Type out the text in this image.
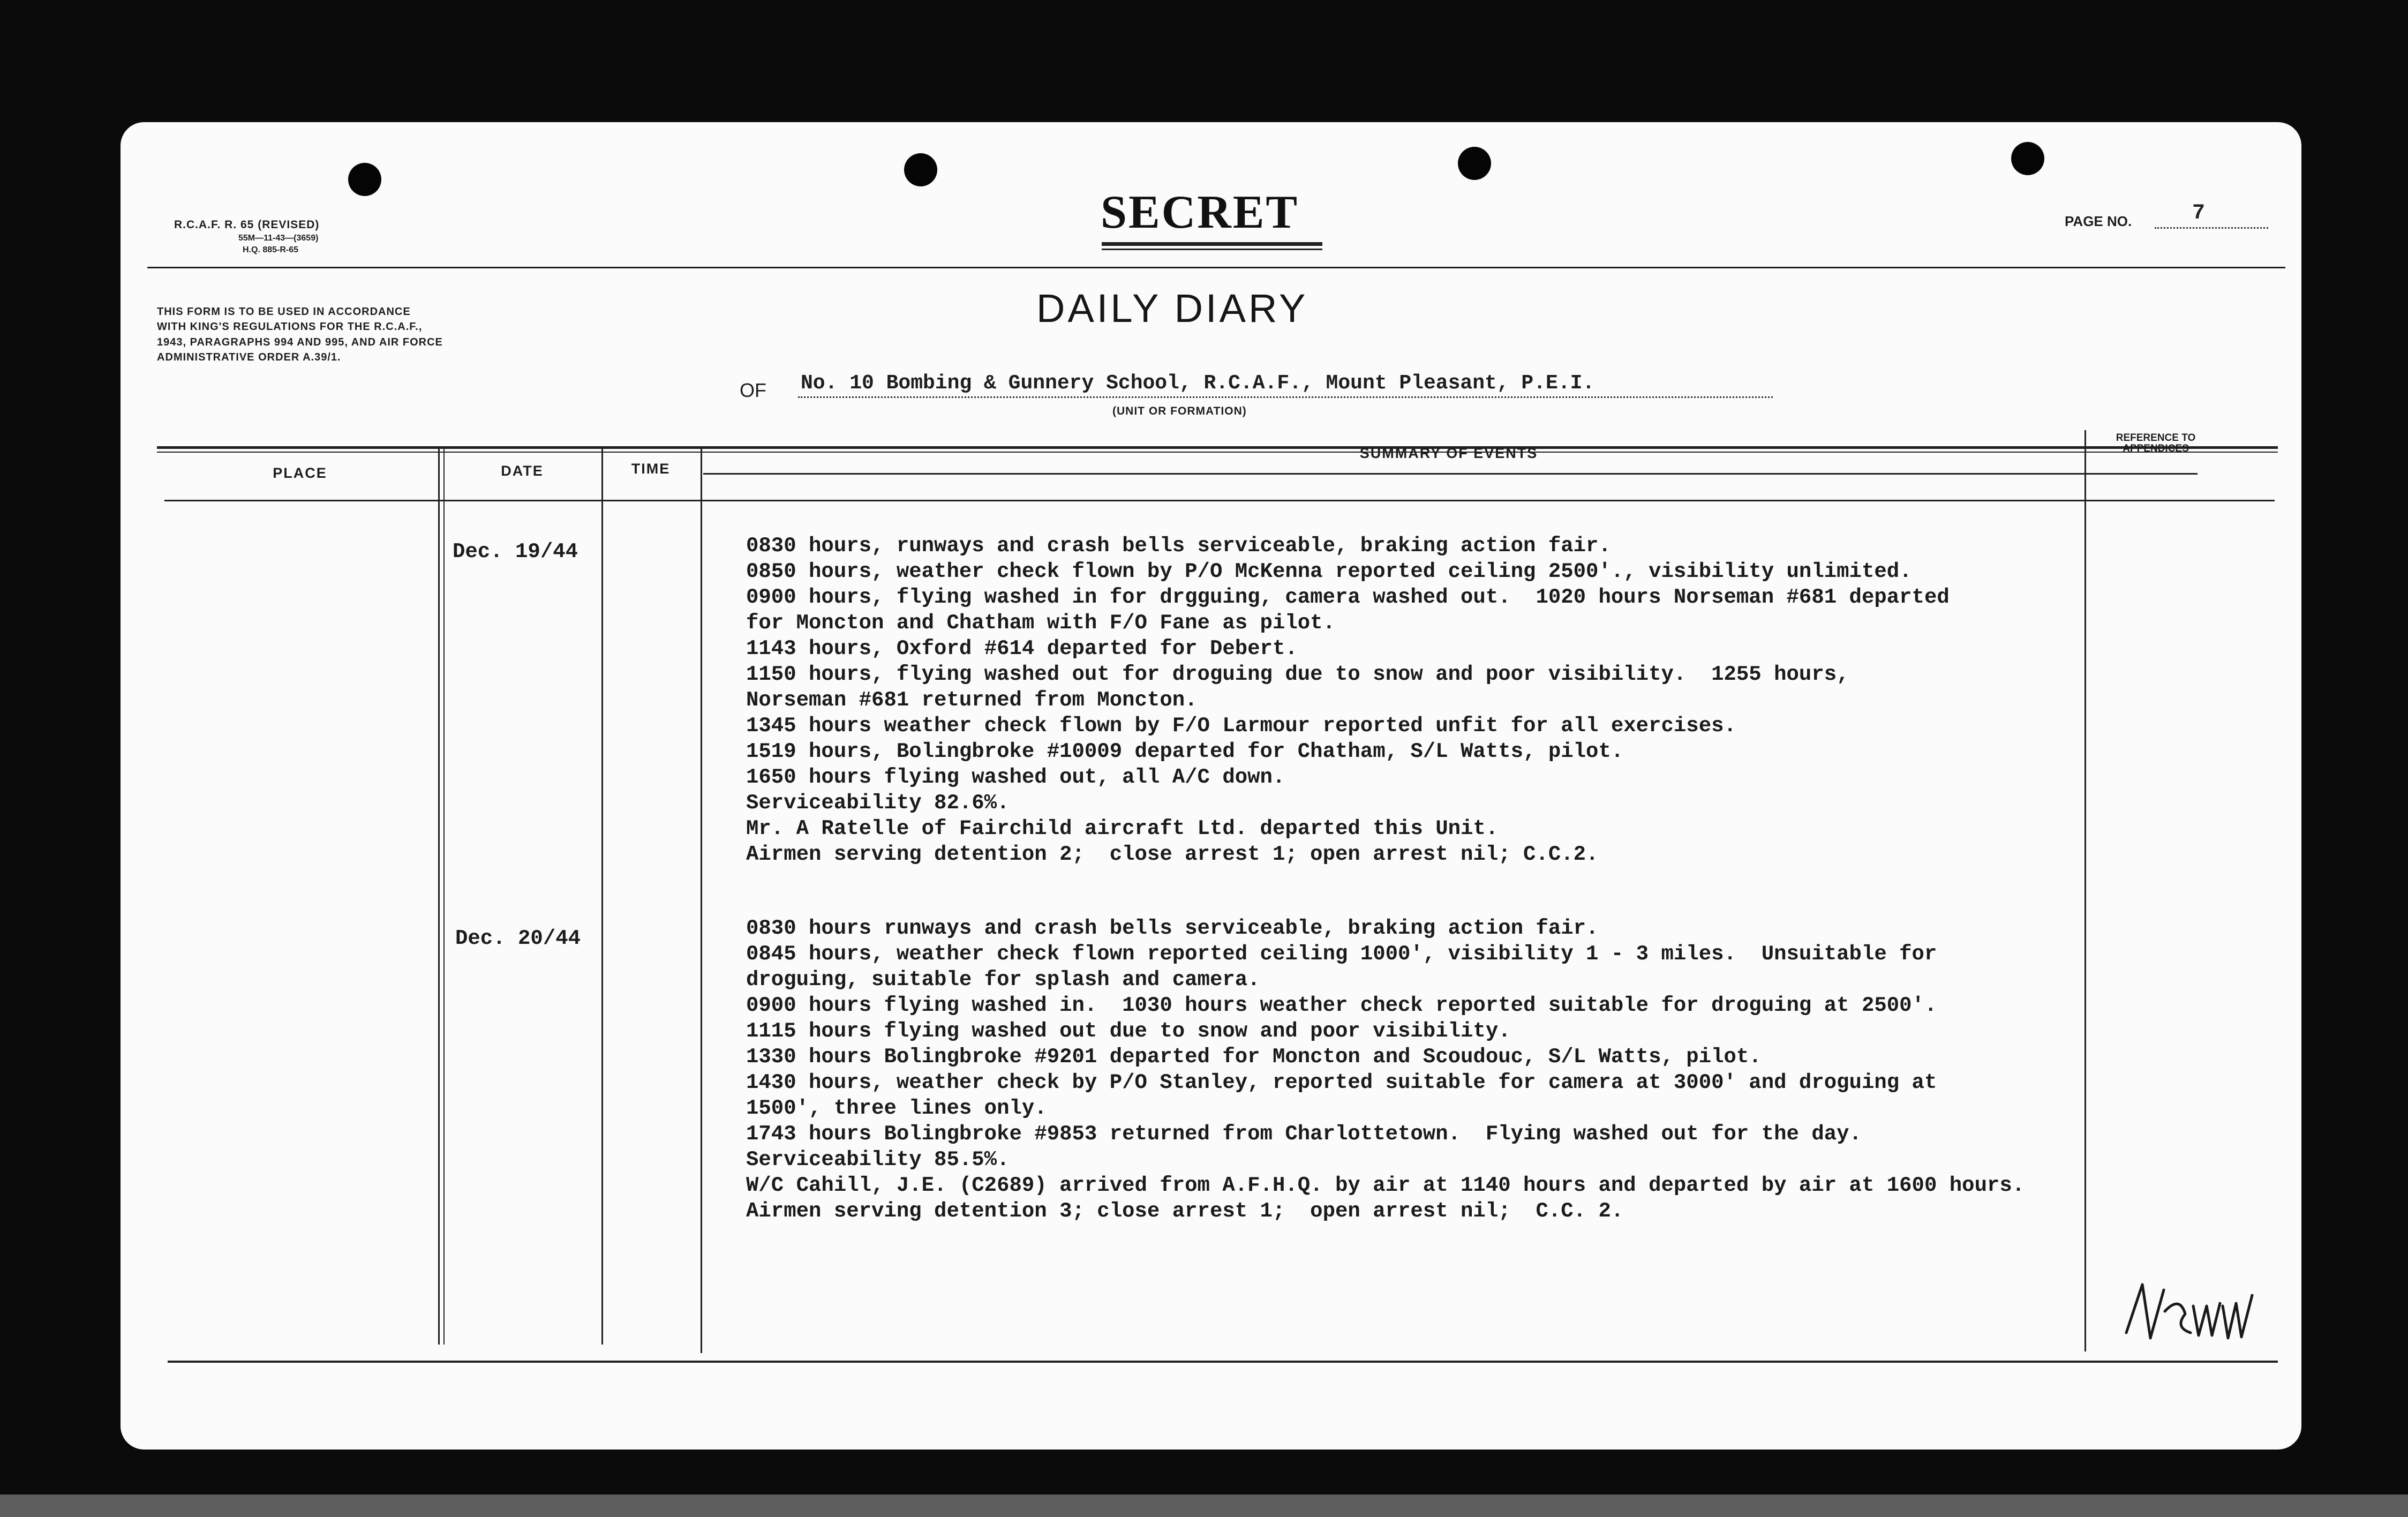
R.C.A.F. R. 65 (REVISED)
55M—11-43—(3659)
H.Q. 885-R-65
SECRET	PAGE NO.	7
THIS FORM IS TO BE USED IN ACCORDANCE
WITH KING'S REGULATIONS FOR THE R.C.A.F.,
1943, PARAGRAPHS 994 AND 995, AND AIR FORCE
ADMINISTRATIVE ORDER A.39/1.
DAILY DIARY
OF No. 10 Bombing & Gunnery School, R.C.A.F., Mount Pleasant, P.E.I.
(UNIT OR FORMATION)
PLACE	DATE	TIME
SUMMARY OF EVENTS
REFERENCE TO APPENDICES
Dec. 19/44	0830 hours, runways and crash bells serviceable, braking action fair.
0850 hours, weather check flown by P/O McKenna reported ceiling 2500'., visibility unlimited.
0900 hours, flying washed in for drgguing, camera washed out.  1020 hours Norseman #681 departed
for Moncton and Chatham with F/O Fane as pilot.
1143 hours, Oxford #614 departed for Debert.
1150 hours, flying washed out for droguing due to snow and poor visibility.  1255 hours,
Norseman #681 returned from Moncton.
1345 hours weather check flown by F/O Larmour reported unfit for all exercises.
1519 hours, Bolingbroke #10009 departed for Chatham, S/L Watts, pilot.
1650 hours flying washed out, all A/C down.
Serviceability 82.6%.
Mr. A Ratelle of Fairchild aircraft Ltd. departed this Unit.
Airmen serving detention 2;  close arrest 1; open arrest nil; C.C.2.
Dec. 20/44	0830 hours runways and crash bells serviceable, braking action fair.
0845 hours, weather check flown reported ceiling 1000', visibility 1 - 3 miles.  Unsuitable for
droguing, suitable for splash and camera.
0900 hours flying washed in.  1030 hours weather check reported suitable for droguing at 2500'.
1115 hours flying washed out due to snow and poor visibility.
1330 hours Bolingbroke #9201 departed for Moncton and Scoudouc, S/L Watts, pilot.
1430 hours, weather check by P/O Stanley, reported suitable for camera at 3000' and droguing at
1500', three lines only.
1743 hours Bolingbroke #9853 returned from Charlottetown.  Flying washed out for the day.
Serviceability 85.5%.
W/C Cahill, J.E. (C2689) arrived from A.F.H.Q. by air at 1140 hours and departed by air at 1600 hours.
Airmen serving detention 3; close arrest 1;  open arrest nil;  C.C. 2.
